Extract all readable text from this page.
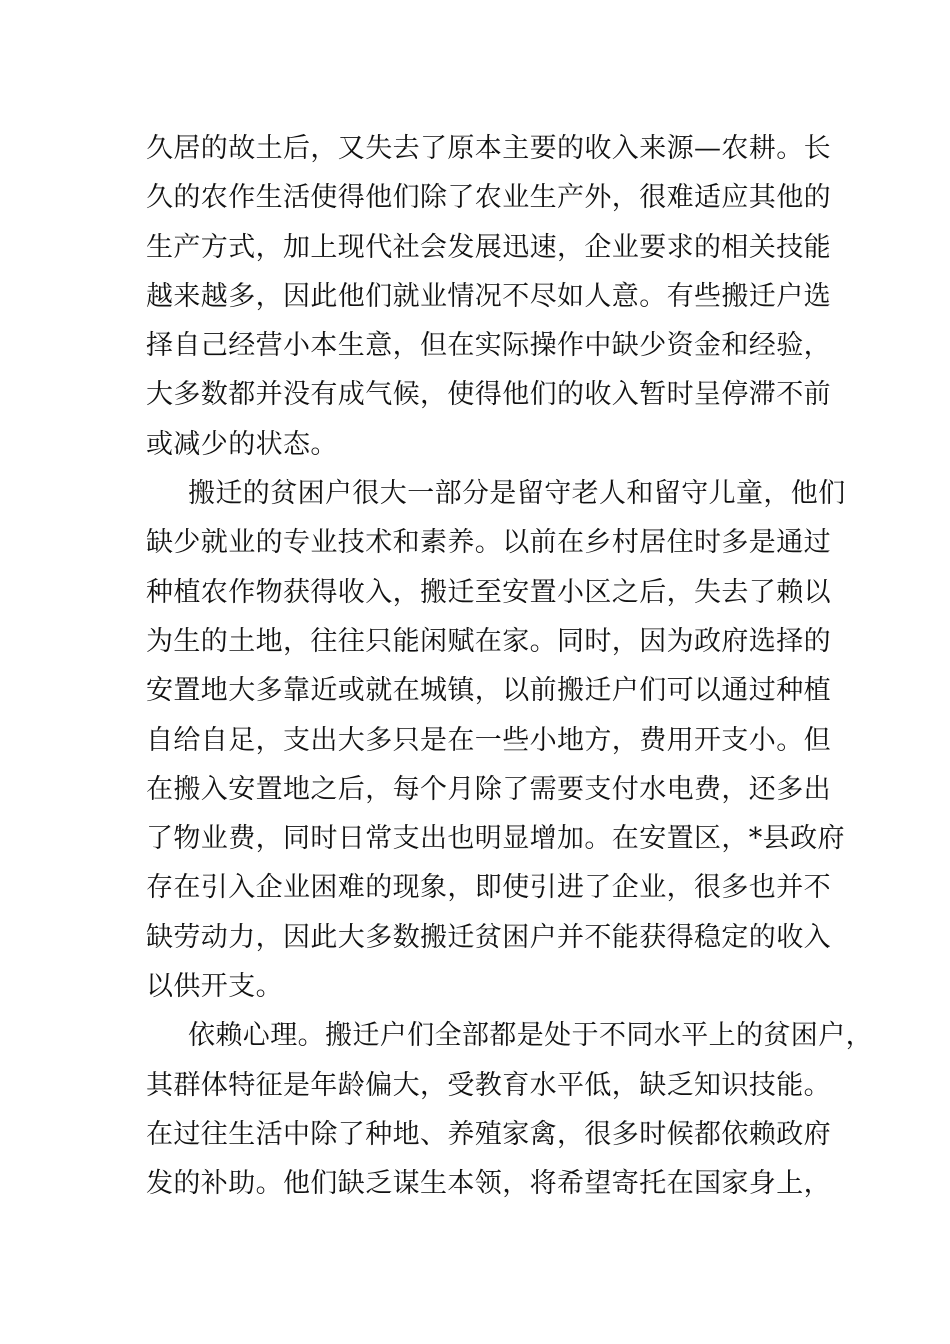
久居的故土后，又失去了原本主要的收入来源—农耕。长
久的农作生活使得他们除了农业生产外，很难适应其他的
生产方式，加上现代社会发展迅速，企业要求的相关技能
越来越多，因此他们就业情况不尽如人意。有些搬迁户选
择自己经营小本生意，但在实际操作中缺少资金和经验，
大多数都并没有成气候，使得他们的收入暂时呈停滞不前
或减少的状态。
搬迁的贫困户很大一部分是留守老人和留守儿童，他们
缺少就业的专业技术和素养。以前在乡村居住时多是通过
种植农作物获得收入，搬迁至安置小区之后，失去了赖以
为生的土地，往往只能闲赋在家。同时，因为政府选择的
安置地大多靠近或就在城镇，以前搬迁户们可以通过种植
自给自足，支出大多只是在一些小地方，费用开支小。但
在搬入安置地之后，每个月除了需要支付水电费，还多出
了物业费，同时日常支出也明显增加。在安置区，*县政府
存在引入企业困难的现象，即使引进了企业，很多也并不
缺劳动力，因此大多数搬迁贫困户并不能获得稳定的收入
以供开支。
依赖心理。搬迁户们全部都是处于不同水平上的贫困户，
其群体特征是年龄偏大，受教育水平低，缺乏知识技能。
在过往生活中除了种地、养殖家禽，很多时候都依赖政府
发的补助。他们缺乏谋生本领，将希望寄托在国家身上，
